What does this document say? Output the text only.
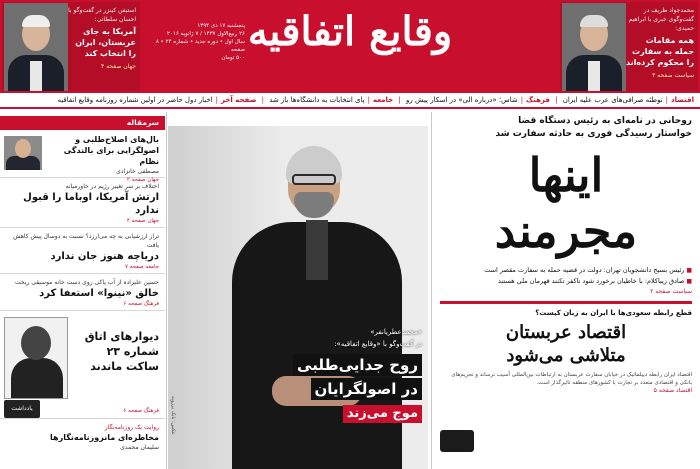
استیفن کینزر در گفت‌وگو با احسان سلطانی:
آمریکا به جای عربستان، ایران را انتخاب کند
جهان صفحه ۴
پنجشنبه ۱۷ دی ۱۳۹۴
۲۶ ربیع‌الاول ۱۴۳۷ / ۷ ژانویه ۲۰۱۶
سال اول • دوره جدید • شماره ۲۴ • ۸ صفحه
۵۰۰ تومان
وقایع اتفاقیه	محمدجواد ظریف در گفت‌وگوی خبری با ابراهیم حمیدی:
همه مقامات حمله به سفارت را محکوم کرده‌اند
سیاست صفحه ۳
اقتصاد|توطئه صرافی‌های عرب علیه ایران | فرهنگ|شاس؛ «درباره الی» در اسکار پیش رو | جامعه|پای انتخابات به دانشگاه‌ها باز شد | صفحه آخر|اخبار دول حاضر در اولین شماره روزنامه وقایع اتفاقیه
سرمقاله
بال‌های اصلاح‌طلبی و اصولگرایی برای بالندگی نظام
مصطفی خانزادی
جهان صفحه ۲
اختلاف بر سر تغییر رژیم در خاورمیانه
ارتش آمریکا، اوباما را قبول ندارد
جهان صفحه ۴
تراز ارزشیابی به چه می‌ارزد؟ نسبت به دوسال پیش کاهش یافت
دریاچه هنوز جان ندارد
جامعه صفحه ۷
حسین علیزاده از آب پاکی روی دست خانه موسیقی ریخت
خالق «نینوا» استعفا کرد
فرهنگ صفحه ۶
دیوارهای اتاق شماره ۲۳ ساکت ماندند
فرهنگ صفحه ۶
یادداشت
روایت یک روزنامه‌نگار
مخاطره‌ای مانروزنامه‌نگارها
سلیمان محمدی
عکس: بابک برزویه
«محمدعطریانفر»
در گفت‌وگو با «وقایع اتفاقیه»:
روح جدایی‌طلبی
در اصولگرایان
موج می‌زند
روحانی در نامه‌ای به رئیس دستگاه قضا
خواستار رسیدگی فوری به حادثه سفارت شد
اینها
مجرمند
■ رئیس بسیج دانشجویان تهران: دولت در قضیه حمله به سفارت مقصر است
■ صادق زیباکلام: با خاطیان برخورد شود تاکفر تکنند قهرمان ملی هستند
سیاست صفحه ۲
قطع رابطه سعودی‌ها با ایران به زبان کیست؟
اقتصاد عربستان
متلاشی می‌شود
اقتصاد ایران رابطه دیپلماتیک در خیابان سفارت عربستان به ارتباطات بین‌المللی آسیب نرساند و تحریم‌های بانکی و اقتصادی متعدد بر تجارت با کشورهای منطقه تاثیرگذار است.
اقتصاد صفحه ۵
